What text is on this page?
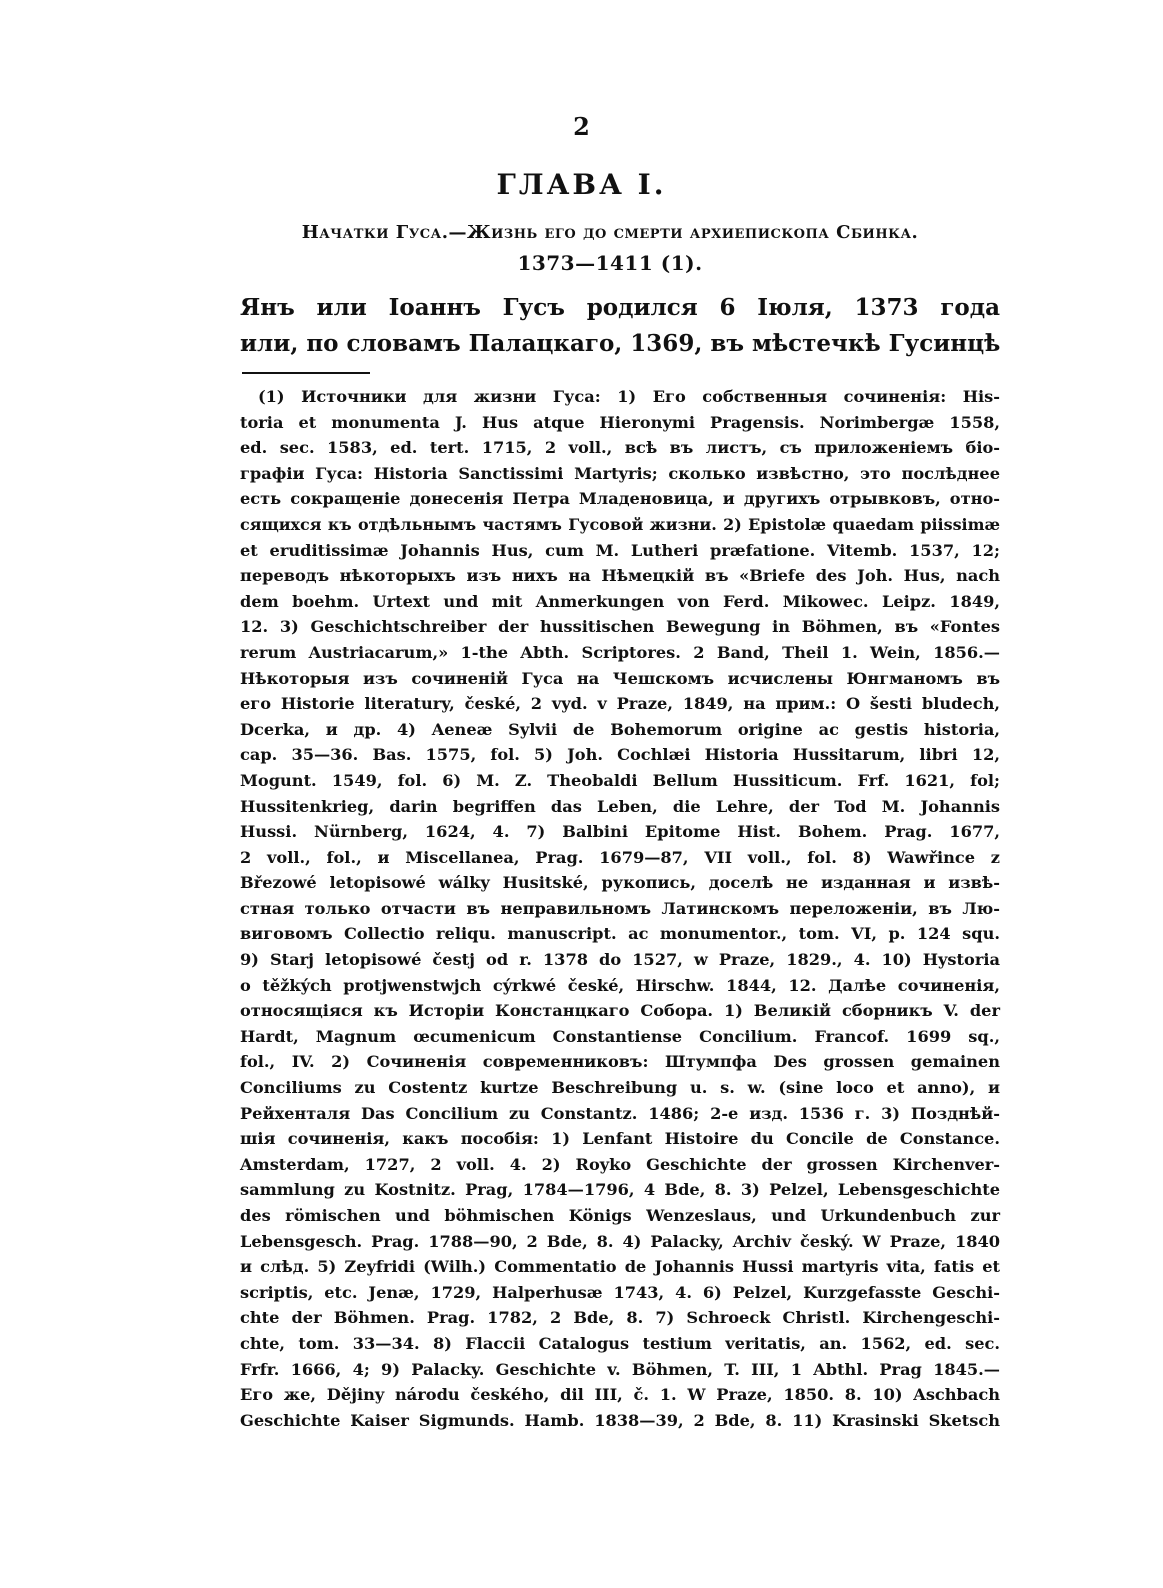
2
ГЛАВА I.
Начатки Гуса.—Жизнь его до смерти архиепископа Сбинка.
1373—1411 (1).
Янъ или Іоаннъ Гусъ родился 6 Іюля, 1373 года
или, по словамъ Палацкаго, 1369, въ мѣстечкѣ Гусинцѣ
(1) Источники для жизни Гуса: 1) Его собственныя сочиненія: His-
toria et monumenta J. Hus atque Hieronymi Pragensis. Norimbergæ 1558,
ed. sec. 1583, ed. tert. 1715, 2 voll., всѣ въ листъ, съ приложеніемъ біо-
графіи Гуса: Historia Sanctissimi Martyris; сколько извѣстно, это послѣднее
есть сокращеніе донесенія Петра Младеновица, и другихъ отрывковъ, отно-
сящихся къ отдѣльнымъ частямъ Гусовой жизни. 2) Epistolæ quaedam piissimæ
et eruditissimæ Johannis Hus, cum M. Lutheri præfatione. Vitemb. 1537, 12;
переводъ нѣкоторыхъ изъ нихъ на Нѣмецкій въ «Briefe des Joh. Hus, nach
dem boehm. Urtext und mit Anmerkungen von Ferd. Mikowec. Leipz. 1849,
12. 3) Geschichtschreiber der hussitischen Bewegung in Böhmen, въ «Fontes
rerum Austriacarum,» 1-the Abth. Scriptores. 2 Band, Theil 1. Wein, 1856.—
Нѣкоторыя изъ сочиненій Гуса на Чешскомъ исчислены Юнгманомъ въ
его Historie literatury, české, 2 vyd. v Praze, 1849, на прим.: O šesti bludech,
Dcerka, и др. 4) Aeneæ Sylvii de Bohemorum origine ac gestis historia,
cap. 35—36. Bas. 1575, fol. 5) Joh. Cochlæi Historia Hussitarum, libri 12,
Mogunt. 1549, fol. 6) M. Z. Theobaldi Bellum Hussiticum. Frf. 1621, fol;
Hussitenkrieg, darin begriffen das Leben, die Lehre, der Tod M. Johannis
Hussi. Nürnberg, 1624, 4. 7) Balbini Epitome Hist. Bohem. Prag. 1677,
2 voll., fol., и Miscellanea, Prag. 1679—87, VII voll., fol. 8) Wawřince z
Březowé letopisowé wálky Husitské, рукопись, доселѣ не изданная и извѣ-
стная только отчасти въ неправильномъ Латинскомъ переложеніи, въ Лю-
виговомъ Collectio reliqu. manuscript. ac monumentor., tom. VI, p. 124 squ.
9) Starj letopisowé čestj od r. 1378 do 1527, w Praze, 1829., 4. 10) Hystoria
o těžkých protjwenstwjch cýrkwé české, Hirschw. 1844, 12. Далѣе сочиненія,
относящіяся къ Исторіи Констанцкаго Собора. 1) Великій сборникъ V. der
Hardt, Magnum œcumenicum Constantiense Concilium. Francof. 1699 sq.,
fol., IV. 2) Сочиненія современниковъ: Штумпфа Des grossen gemainen
Conciliums zu Costentz kurtze Beschreibung u. s. w. (sine loco et anno), и
Рейхенталя Das Concilium zu Constantz. 1486; 2-е изд. 1536 г. 3) Позднѣй-
шія сочиненія, какъ пособія: 1) Lenfant Histoire du Concile de Constance.
Amsterdam, 1727, 2 voll. 4. 2) Royko Geschichte der grossen Kirchenver-
sammlung zu Kostnitz. Prag, 1784—1796, 4 Bde, 8. 3) Pelzel, Lebensgeschichte
des römischen und böhmischen Königs Wenzeslaus, und Urkundenbuch zur
Lebensgesch. Prag. 1788—90, 2 Bde, 8. 4) Palacky, Archiv český. W Praze, 1840
и слѣд. 5) Zeyfridi (Wilh.) Commentatio de Johannis Hussi martyris vita, fatis et
scriptis, etc. Jenæ, 1729, Halperhusæ 1743, 4. 6) Pelzel, Kurzgefasste Geschi-
chte der Böhmen. Prag. 1782, 2 Bde, 8. 7) Schroeck Christl. Kirchengeschi-
chte, tom. 33—34. 8) Flaccii Catalogus testium veritatis, an. 1562, ed. sec.
Frfr. 1666, 4; 9) Palacky. Geschichte v. Böhmen, T. III, 1 Abthl. Prag 1845.—
Его же, Dějiny národu českého, dil III, č. 1. W Praze, 1850. 8. 10) Aschbach
Geschichte Kaiser Sigmunds. Hamb. 1838—39, 2 Bde, 8. 11) Krasinski Sketsch
